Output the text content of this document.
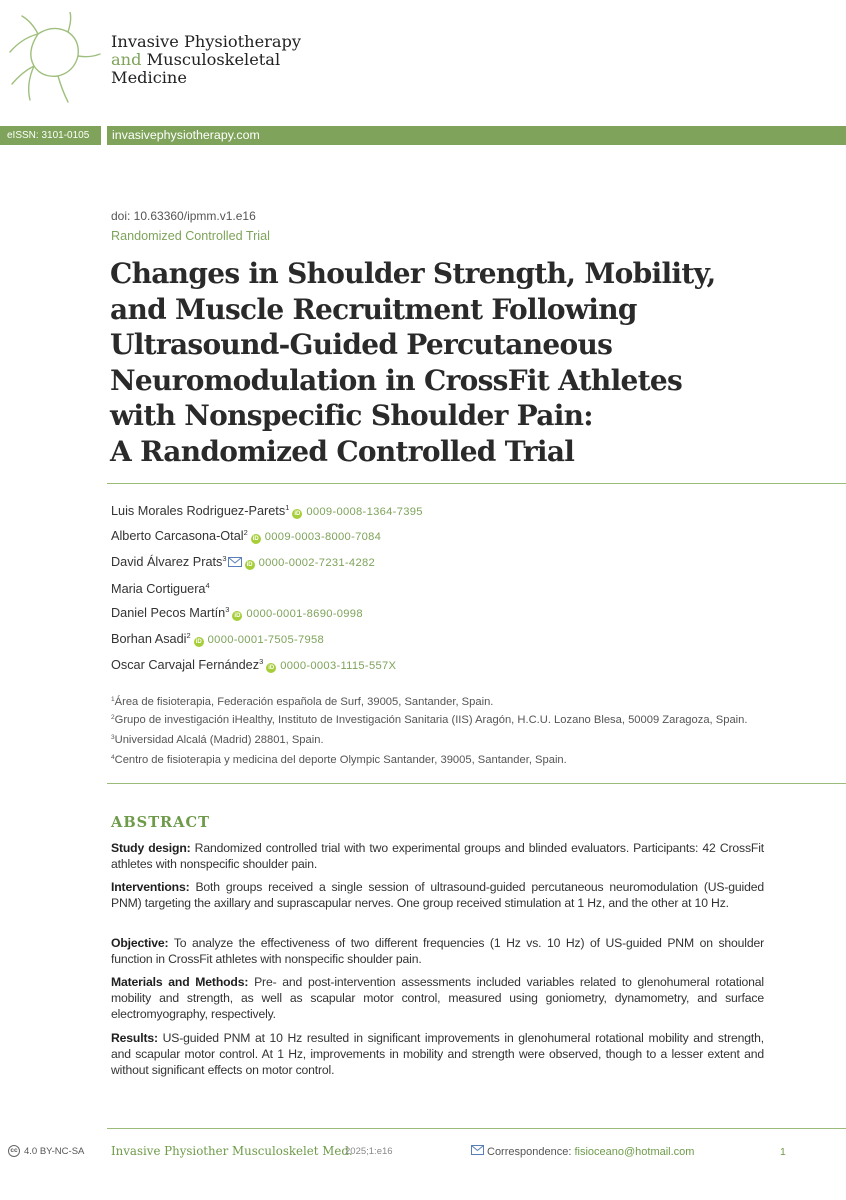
Invasive Physiotherapy
and Musculoskeletal
Medicine
eISSN: 3101-0105 invasivephysiotherapy.com
doi: 10.63360/ipmm.v1.e16
Randomized Controlled Trial
Changes in Shoulder Strength, Mobility,
and Muscle Recruitment Following
Ultrasound-Guided Percutaneous
Neuromodulation in CrossFit Athletes
with Nonspecific Shoulder Pain:
A Randomized Controlled Trial
Luis Morales Rodriguez-Parets$^1$iD 0009-0008-1364-7395
Alberto Carcasona-Otal$^2$iD 0009-0003-8000-7084
David Álvarez Prats$^3$iD 0000-0002-7231-4282
Maria Cortiguera$^4$
Daniel Pecos Martín$^3$iD 0000-0001-8690-0998
Borhan Asadi$^2$iD 0000-0001-7505-7958
Oscar Carvajal Fernández$^3$iD 0000-0003-1115-557X
$^1$Área de fisioterapia, Federación española de Surf, 39005, Santander, Spain.
$^2$Grupo de investigación iHealthy, Instituto de Investigación Sanitaria (IIS) Aragón, H.C.U. Lozano Blesa, 50009 Zaragoza, Spain.
$^3$Universidad Alcalá (Madrid) 28801, Spain.
$^4$Centro de fisioterapia y medicina del deporte Olympic Santander, 39005, Santander, Spain.
ABSTRACT

Study design: Randomized controlled trial with two experimental groups and blinded evaluators. Participants: 42 CrossFit athletes with nonspecific shoulder pain.

Interventions: Both groups received a single session of ultrasound-guided percutaneous neuromodulation (US-guided PNM) targeting the axillary and suprascapular nerves. One group received stimulation at 1 Hz, and the other at 10 Hz.

Objective: To analyze the effectiveness of two different frequencies (1 Hz vs. 10 Hz) of US-guided PNM on shoulder function in CrossFit athletes with nonspecific shoulder pain.

Materials and Methods: Pre- and post-intervention assessments included variables related to glenohumeral rotational mobility and strength, as well as scapular motor control, measured using goniometry, dynamometry, and surface electromyography, respectively.

Results: US-guided PNM at 10 Hz resulted in significant improvements in glenohumeral rotational mobility and strength, and scapular motor control. At 1 Hz, improvements in mobility and strength were observed, though to a lesser extent and without significant effects on motor control.

cc 4.0 BY-NC-SA Invasive Physiother Musculoskelet Med.
2025;1:e16	Correspondence: fisioceano@hotmail.com	1
